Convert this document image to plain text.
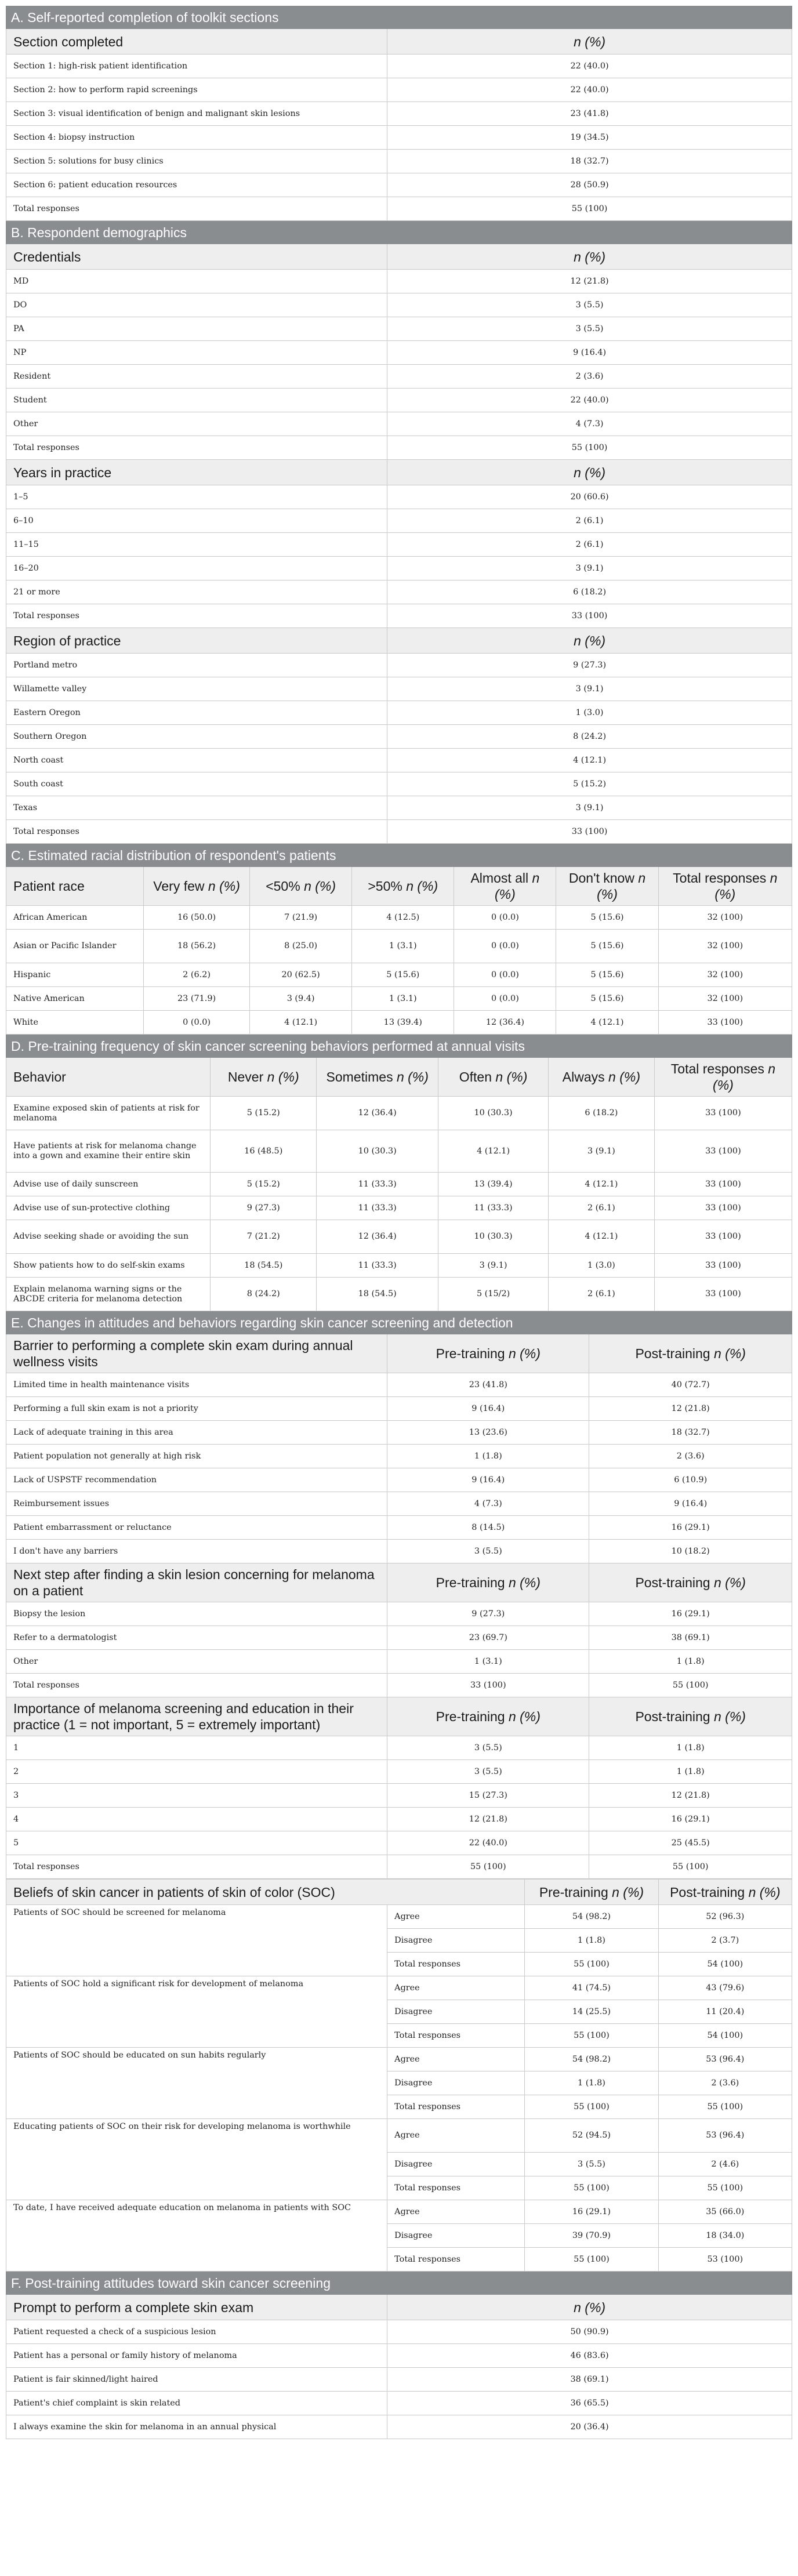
A. Self-reported completion of toolkit sections	
Section completed	n (%)
Section 1: high-risk patient identification	22 (40.0)
Section 2: how to perform rapid screenings	22 (40.0)
Section 3: visual identification of benign and malignant skin lesions	23 (41.8)
Section 4: biopsy instruction	19 (34.5)
Section 5: solutions for busy clinics	18 (32.7)
Section 6: patient education resources	28 (50.9)
Total responses	55 (100)
B. Respondent demographics	
Credentials	n (%)
MD	12 (21.8)
DO	3 (5.5)
PA	3 (5.5)
NP	9 (16.4)
Resident	2 (3.6)
Student	22 (40.0)
Other	4 (7.3)
Total responses	55 (100)
Years in practice	n (%)
1–5	20 (60.6)
6–10	2 (6.1)
11–15	2 (6.1)
16–20	3 (9.1)
21 or more	6 (18.2)
Total responses	33 (100)
Region of practice	n (%)
Portland metro	9 (27.3)
Willamette valley	3 (9.1)
Eastern Oregon	1 (3.0)
Southern Oregon	8 (24.2)
North coast	4 (12.1)
South coast	5 (15.2)
Texas	3 (9.1)
Total responses	33 (100)
C. Estimated racial distribution of respondent's patients						
Patient race	Very few n (%)	<50% n (%)	>50% n (%)	Almost all n (%)	Don't know n (%)	Total responses n (%)
African American	16 (50.0)	7 (21.9)	4 (12.5)	0 (0.0)	5 (15.6)	32 (100)
Asian or Pacific Islander	18 (56.2)	8 (25.0)	1 (3.1)	0 (0.0)	5 (15.6)	32 (100)
Hispanic	2 (6.2)	20 (62.5)	5 (15.6)	0 (0.0)	5 (15.6)	32 (100)
Native American	23 (71.9)	3 (9.4)	1 (3.1)	0 (0.0)	5 (15.6)	32 (100)
White	0 (0.0)	4 (12.1)	13 (39.4)	12 (36.4)	4 (12.1)	33 (100)
D. Pre-training frequency of skin cancer screening behaviors performed at annual visits					
Behavior	Never n (%)	Sometimes n (%)	Often n (%)	Always n (%)	Total responses n (%)
Examine exposed skin of patients at risk for melanoma	5 (15.2)	12 (36.4)	10 (30.3)	6 (18.2)	33 (100)
Have patients at risk for melanoma change into a gown and examine their entire skin	16 (48.5)	10 (30.3)	4 (12.1)	3 (9.1)	33 (100)
Advise use of daily sunscreen	5 (15.2)	11 (33.3)	13 (39.4)	4 (12.1)	33 (100)
Advise use of sun-protective clothing	9 (27.3)	11 (33.3)	11 (33.3)	2 (6.1)	33 (100)
Advise seeking shade or avoiding the sun	7 (21.2)	12 (36.4)	10 (30.3)	4 (12.1)	33 (100)
Show patients how to do self-skin exams	18 (54.5)	11 (33.3)	3 (9.1)	1 (3.0)	33 (100)
Explain melanoma warning signs or the ABCDE criteria for melanoma detection	8 (24.2)	18 (54.5)	5 (15/2)	2 (6.1)	33 (100)
E. Changes in attitudes and behaviors regarding skin cancer screening and detection		
Barrier to performing a complete skin exam during annual wellness visits	Pre-training n (%)	Post-training n (%)
Limited time in health maintenance visits	23 (41.8)	40 (72.7)
Performing a full skin exam is not a priority	9 (16.4)	12 (21.8)
Lack of adequate training in this area	13 (23.6)	18 (32.7)
Patient population not generally at high risk	1 (1.8)	2 (3.6)
Lack of USPSTF recommendation	9 (16.4)	6 (10.9)
Reimbursement issues	4 (7.3)	9 (16.4)
Patient embarrassment or reluctance	8 (14.5)	16 (29.1)
I don't have any barriers	3 (5.5)	10 (18.2)
Next step after finding a skin lesion concerning for melanoma on a patient	Pre-training n (%)	Post-training n (%)
Biopsy the lesion	9 (27.3)	16 (29.1)
Refer to a dermatologist	23 (69.7)	38 (69.1)
Other	1 (3.1)	1 (1.8)
Total responses	33 (100)	55 (100)
Importance of melanoma screening and education in their practice (1 = not important, 5 = extremely important)	Pre-training n (%)	Post-training n (%)
1	3 (5.5)	1 (1.8)
2	3 (5.5)	1 (1.8)
3	15 (27.3)	12 (21.8)
4	12 (21.8)	16 (29.1)
5	22 (40.0)	25 (45.5)
Total responses	55 (100)	55 (100)
Beliefs of skin cancer in patients of skin of color (SOC)		Pre-training n (%)	Post-training n (%)
Patients of SOC should be screened for melanoma	Agree	54 (98.2)	52 (96.3)
	Disagree	1 (1.8)	2 (3.7)
	Total responses	55 (100)	54 (100)
Patients of SOC hold a significant risk for development of melanoma	Agree	41 (74.5)	43 (79.6)
	Disagree	14 (25.5)	11 (20.4)
	Total responses	55 (100)	54 (100)
Patients of SOC should be educated on sun habits regularly	Agree	54 (98.2)	53 (96.4)
	Disagree	1 (1.8)	2 (3.6)
	Total responses	55 (100)	55 (100)
Educating patients of SOC on their risk for developing melanoma is worthwhile	Agree	52 (94.5)	53 (96.4)
	Disagree	3 (5.5)	2 (4.6)
	Total responses	55 (100)	55 (100)
To date, I have received adequate education on melanoma in patients with SOC	Agree	16 (29.1)	35 (66.0)
	Disagree	39 (70.9)	18 (34.0)
	Total responses	55 (100)	53 (100)
F. Post-training attitudes toward skin cancer screening	
Prompt to perform a complete skin exam	n (%)
Patient requested a check of a suspicious lesion	50 (90.9)
Patient has a personal or family history of melanoma	46 (83.6)
Patient is fair skinned/light haired	38 (69.1)
Patient's chief complaint is skin related	36 (65.5)
I always examine the skin for melanoma in an annual physical	20 (36.4)
